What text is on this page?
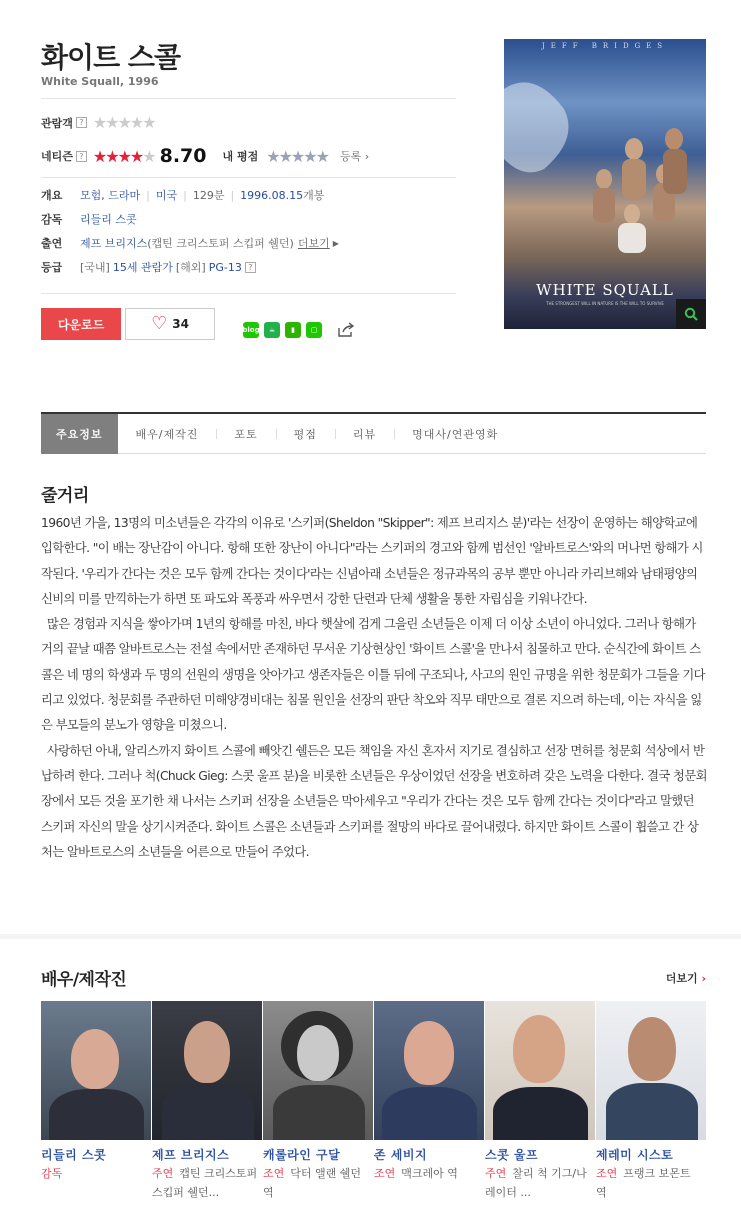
화이트 스콜
White Squall, 1996
관람객 ? ★★★★★
네티즌 ? ★★★★★ 8.70 내 평점 ★★★★★ 등록 ›
개요	모험, 드라마 | 미국 | 129분 | 1996.08.15 개봉
감독	리들리 스콧
출연	제프 브리지스 (캡틴 크리스토퍼 스킵퍼 쉘던) 더보기 ▶
등급	[국내] 15세 관람가 [해외] PG-13 ?
다운로드	♡ 34	blog	☕	▮	▢
JEFF BRIDGES
WHITE SQUALL
THE STRONGEST WILL IN NATURE IS THE WILL TO SURVIVE
주요정보	배우/제작진	포토	평점	리뷰	명대사/연관영화
줄거리

1960년 가을, 13명의 미소년들은 각각의 이유로 '스키퍼(Sheldon "Skipper": 제프 브리지스 분)'라는 선장이 운영하는 해양학교에 입학한다. "이 배는 장난감이 아니다. 항해 또한 장난이 아니다"라는 스키퍼의 경고와 함께 범선인 '알바트로스'와의 머나먼 항해가 시작된다. '우리가 간다는 것은 모두 함께 간다는 것이다'라는 신념아래 소년들은 정규과목의 공부 뿐만 아니라 카리브해와 남태평양의 신비의 미를 만끽하는가 하면 또 파도와 폭풍과 싸우면서 강한 단련과 단체 생활을 통한 자립심을 키워나간다.

많은 경험과 지식을 쌓아가며 1년의 항해를 마친, 바다 햇살에 검게 그을린 소년들은 이제 더 이상 소년이 아니었다. 그러나 항해가 거의 끝날 때쯤 알바트로스는 전설 속에서만 존재하던 무서운 기상현상인 '화이트 스콜'을 만나서 침몰하고 만다. 순식간에 화이트 스콜은 네 명의 학생과 두 명의 선원의 생명을 앗아가고 생존자들은 이틀 뒤에 구조되나, 사고의 원인 규명을 위한 청문회가 그들을 기다리고 있었다. 청문회를 주관하던 미해양경비대는 침몰 원인을 선장의 판단 착오와 직무 태만으로 결론 지으려 하는데, 이는 자식을 잃은 부모들의 분노가 영향을 미쳤으니.

사랑하던 아내, 알리스까지 화이트 스콜에 빼앗긴 쉘든은 모든 책임을 자신 혼자서 지기로 결심하고 선장 면허를 청문회 석상에서 반납하려 한다. 그러나 척(Chuck Gieg: 스콧 울프 분)을 비롯한 소년들은 우상이었던 선장을 변호하려 갖은 노력을 다한다. 결국 청문회장에서 모든 것을 포기한 채 나서는 스키퍼 선장을 소년들은 막아세우고 "우리가 간다는 것은 모두 함께 간다는 것이다"라고 말했던 스키퍼 자신의 말을 상기시켜준다. 화이트 스콜은 소년들과 스키퍼를 절망의 바다로 끌어내렸다. 하지만 화이트 스콜이 휩쓸고 간 상처는 알바트로스의 소년들을 어른으로 만들어 주었다.

배우/제작진	더보기 ›
리들리 스콧
감독
제프 브리지스
주연 캡틴 크리스토퍼 스킵퍼 쉘던...
캐롤라인 구달
조연 닥터 앨랜 쉘던 역
존 세비지
조연 맥크레아 역
스콧 울프
주연 찰리 척 기그/나레이터 ...
제레미 시스토
조연 프랭크 보몬트 역
